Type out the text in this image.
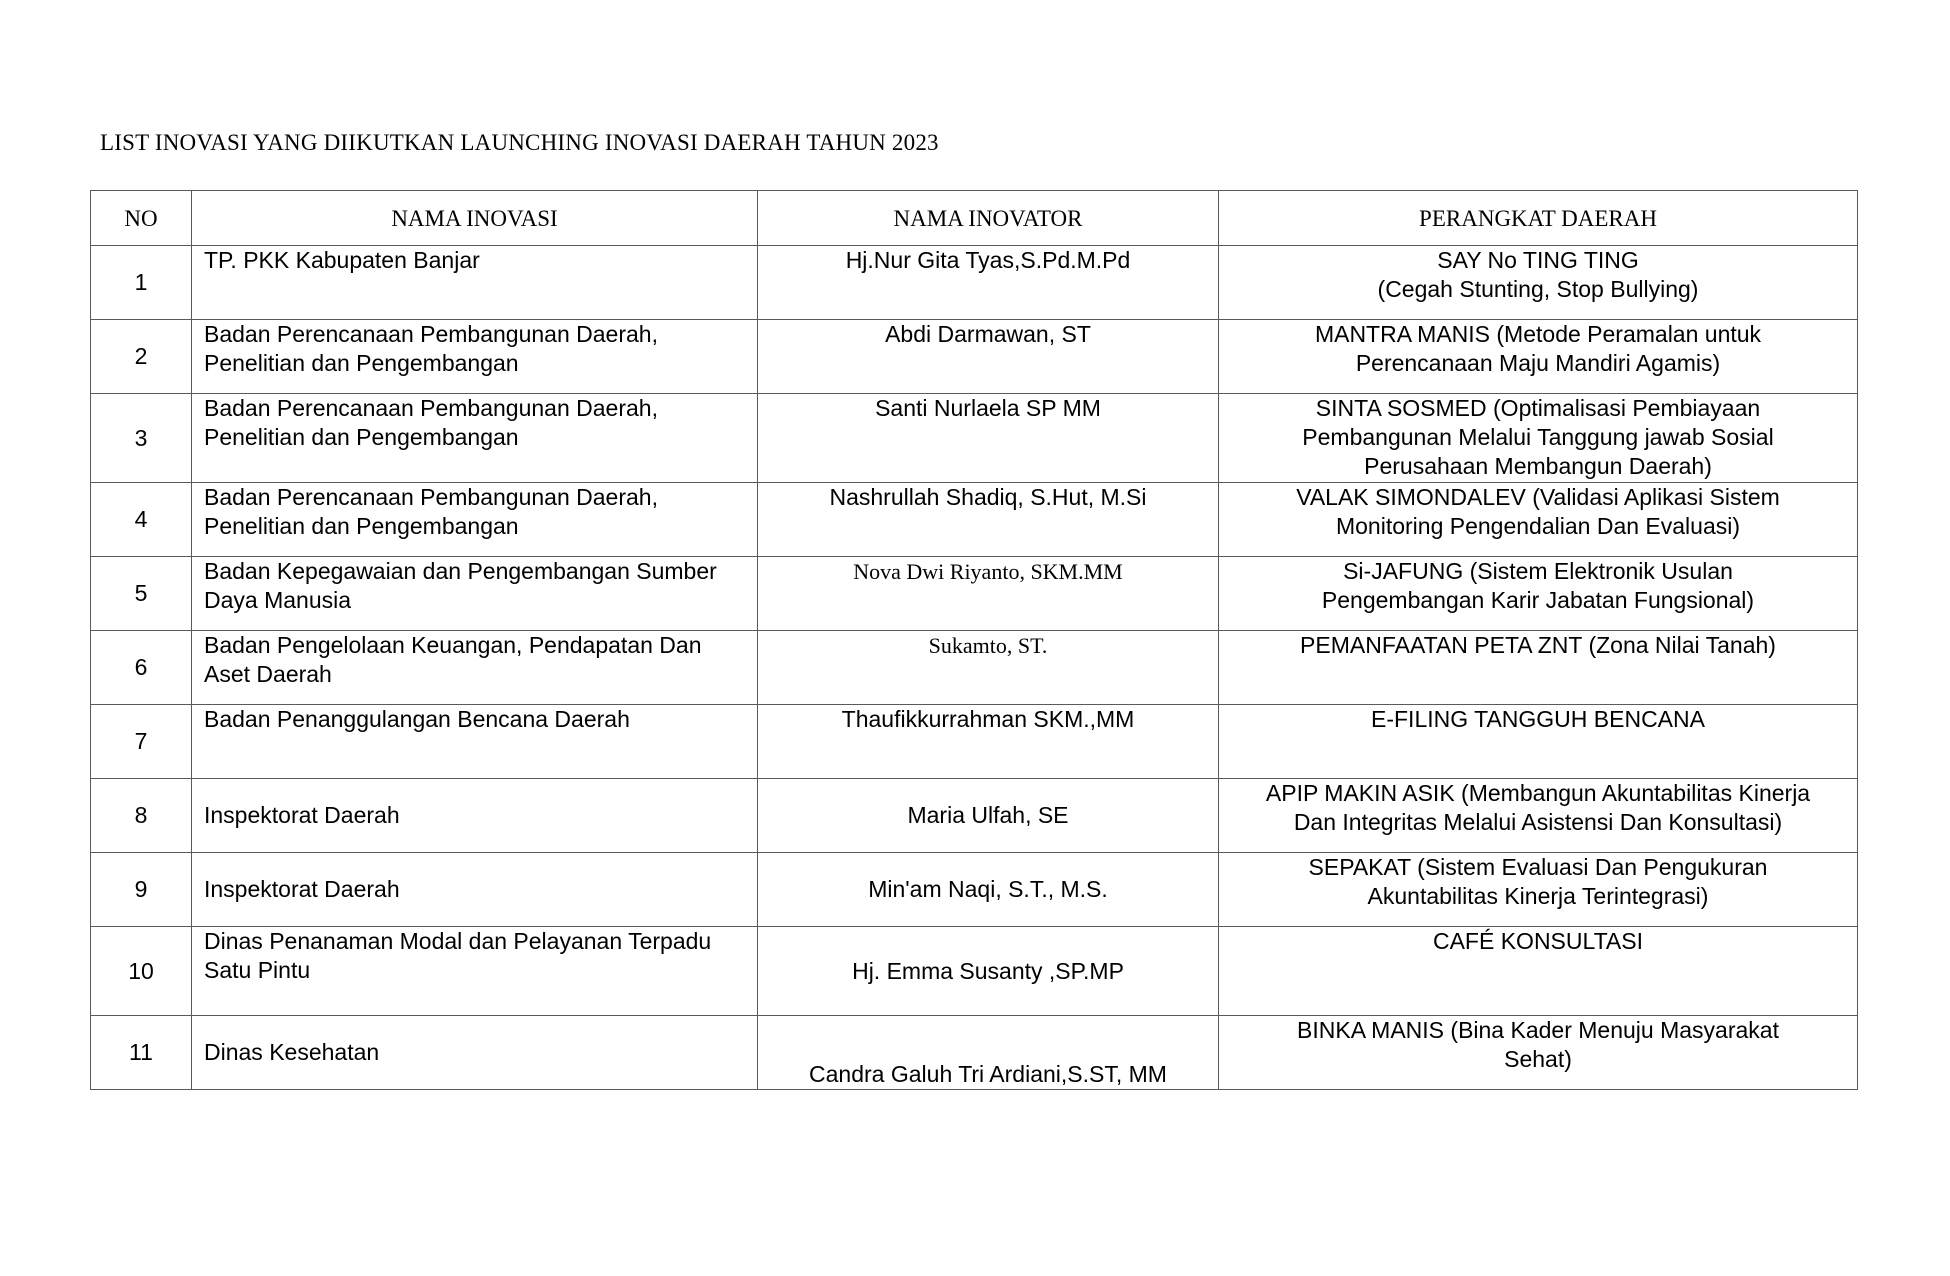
LIST INOVASI YANG DIIKUTKAN LAUNCHING INOVASI DAERAH TAHUN 2023
NO	NAMA INOVASI	NAMA INOVATOR	PERANGKAT DAERAH
1	TP. PKK Kabupaten Banjar	Hj.Nur Gita Tyas,S.Pd.M.Pd	SAY No TING TING
(Cegah Stunting, Stop Bullying)
2	Badan Perencanaan Pembangunan Daerah, Penelitian dan Pengembangan	Abdi Darmawan, ST	MANTRA MANIS (Metode Peramalan untuk
Perencanaan Maju Mandiri Agamis)
3	Badan Perencanaan Pembangunan Daerah, Penelitian dan Pengembangan	Santi Nurlaela SP MM	SINTA SOSMED (Optimalisasi Pembiayaan
Pembangunan Melalui Tanggung jawab Sosial
Perusahaan Membangun Daerah)
4	Badan Perencanaan Pembangunan Daerah, Penelitian dan Pengembangan	Nashrullah Shadiq, S.Hut, M.Si	VALAK SIMONDALEV (Validasi Aplikasi Sistem
Monitoring Pengendalian Dan Evaluasi)
5	Badan Kepegawaian dan Pengembangan Sumber Daya Manusia	Nova Dwi Riyanto, SKM.MM	Si-JAFUNG (Sistem Elektronik Usulan
Pengembangan Karir Jabatan Fungsional)
6	Badan Pengelolaan Keuangan, Pendapatan Dan Aset Daerah	Sukamto, ST.	PEMANFAATAN PETA ZNT (Zona Nilai Tanah)
7	Badan Penanggulangan Bencana Daerah	Thaufikkurrahman SKM.,MM	E-FILING TANGGUH BENCANA
8	Inspektorat Daerah	Maria Ulfah, SE	APIP MAKIN ASIK (Membangun Akuntabilitas Kinerja
Dan Integritas Melalui Asistensi Dan Konsultasi)
9	Inspektorat Daerah	Min'am Naqi, S.T., M.S.	SEPAKAT (Sistem Evaluasi Dan Pengukuran
Akuntabilitas Kinerja Terintegrasi)
10	Dinas Penanaman Modal dan Pelayanan Terpadu Satu Pintu	Hj. Emma Susanty ,SP.MP	CAFÉ KONSULTASI
11	Dinas Kesehatan	Candra Galuh Tri Ardiani,S.ST, MM	BINKA MANIS (Bina Kader Menuju Masyarakat
Sehat)
